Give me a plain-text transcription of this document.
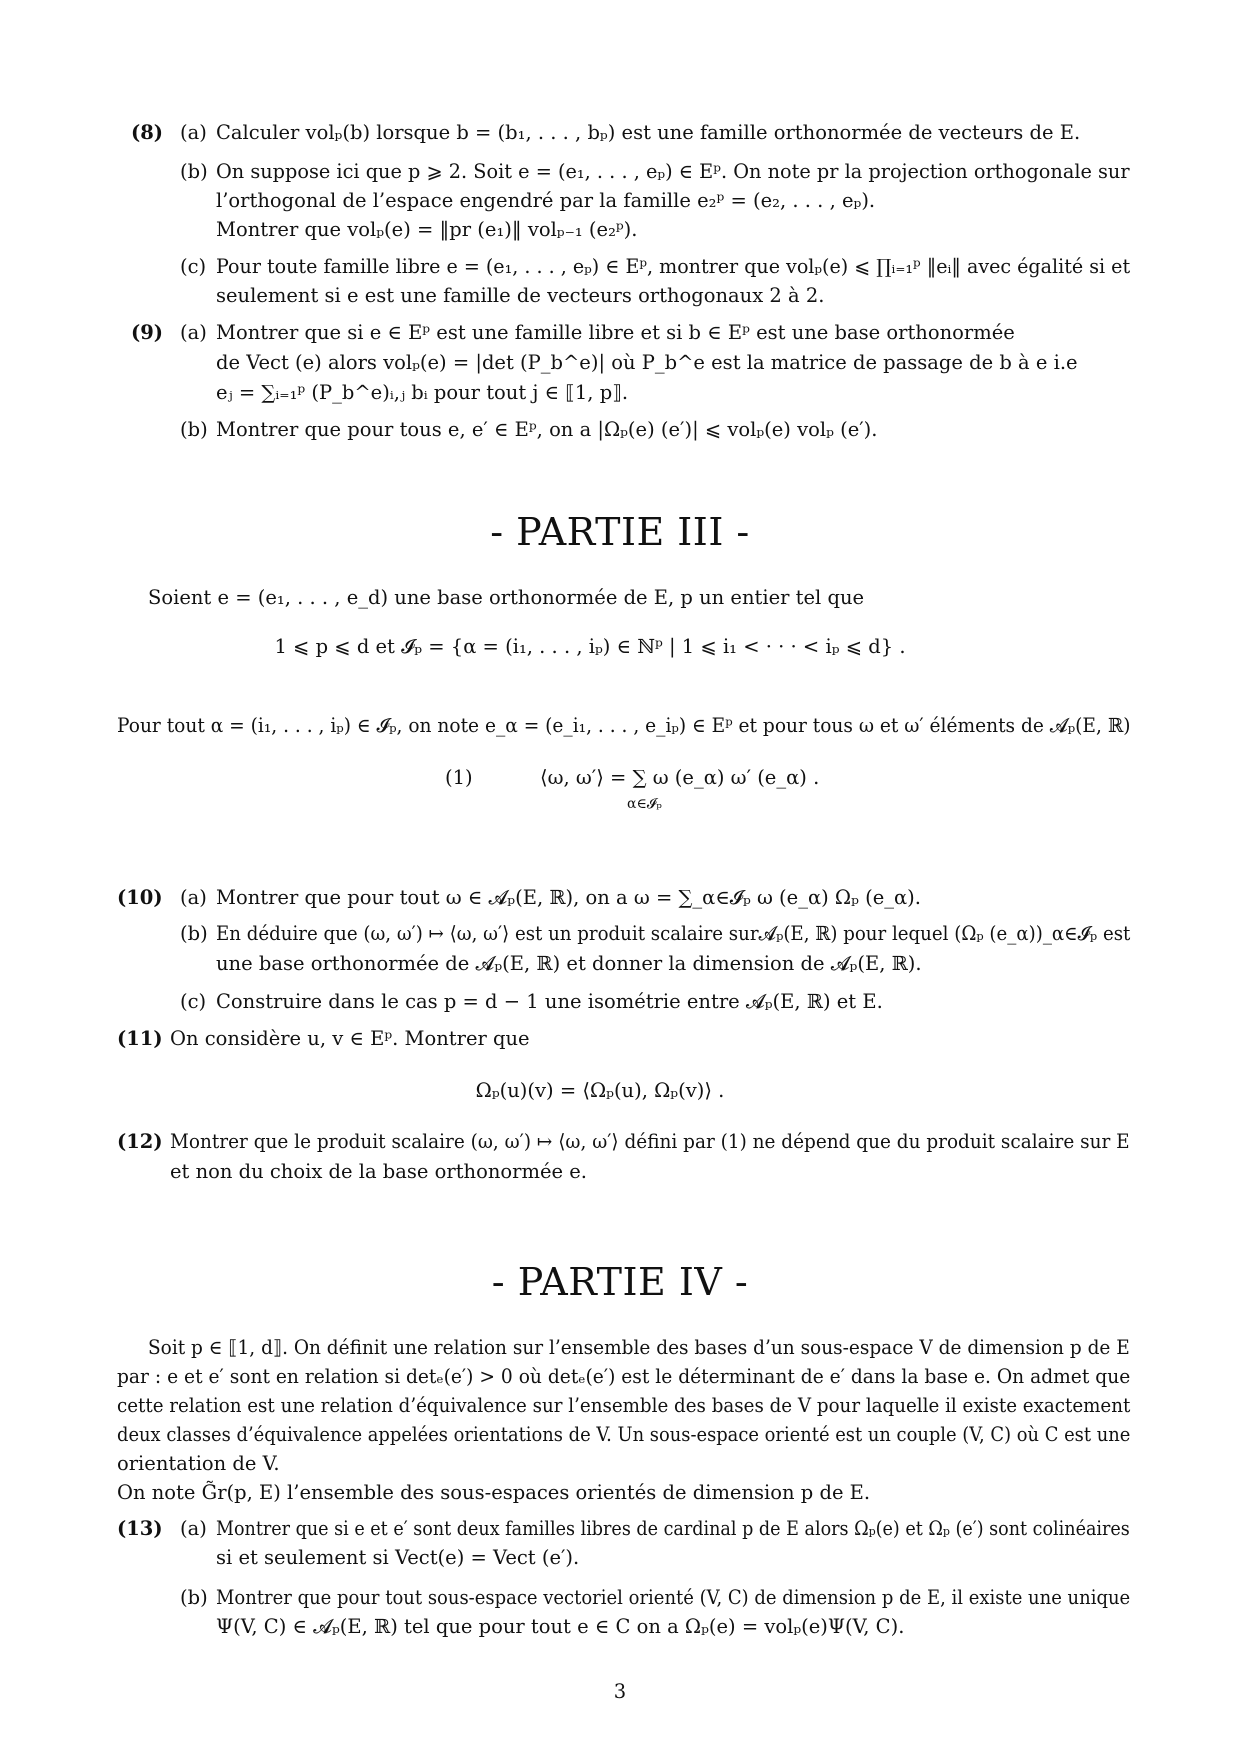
(8) (a) Calculer volₚ(b) lorsque b = (b₁, . . . , bₚ) est une famille orthonormée de vecteurs de E.
(b) On suppose ici que p ⩾ 2. Soit e = (e₁, . . . , eₚ) ∈ Eᵖ. On note pr la projection orthogonale sur
l’orthogonal de l’espace engendré par la famille e₂ᵖ = (e₂, . . . , eₚ).
Montrer que volₚ(e) = ‖pr (e₁)‖ volₚ₋₁ (e₂ᵖ).
(c) Pour toute famille libre e = (e₁, . . . , eₚ) ∈ Eᵖ, montrer que volₚ(e) ⩽ ∏ᵢ₌₁ᵖ ‖eᵢ‖ avec égalité si et
seulement si e est une famille de vecteurs orthogonaux 2 à 2.
(9) (a) Montrer que si e ∈ Eᵖ est une famille libre et si b ∈ Eᵖ est une base orthonormée
de Vect (e) alors volₚ(e) = |det (P_b^e)| où P_b^e est la matrice de passage de b à e i.e
eⱼ = ∑ᵢ₌₁ᵖ (P_b^e)ᵢ,ⱼ bᵢ pour tout j ∈ ⟦1, p⟧.
(b) Montrer que pour tous e, e′ ∈ Eᵖ, on a |Ωₚ(e) (e′)| ⩽ volₚ(e) volₚ (e′).
- PARTIE III -
Soient e = (e₁, . . . , e_d) une base orthonormée de E, p un entier tel que
1 ⩽ p ⩽ d et 𝓘ₚ = {α = (i₁, . . . , iₚ) ∈ ℕᵖ | 1 ⩽ i₁ < · · · < iₚ ⩽ d} .
Pour tout α = (i₁, . . . , iₚ) ∈ 𝓘ₚ, on note e_α = (e_i₁, . . . , e_iₚ) ∈ Eᵖ et pour tous ω et ω′ éléments de 𝓐ₚ(E, ℝ)
(1)	⟨ω, ω′⟩ = ∑ ω (e_α) ω′ (e_α) .
α∈𝓘ₚ
(10) (a) Montrer que pour tout ω ∈ 𝓐ₚ(E, ℝ), on a ω = ∑_α∈𝓘ₚ ω (e_α) Ωₚ (e_α).
(b) En déduire que (ω, ω′) ↦ ⟨ω, ω′⟩ est un produit scalaire sur𝓐ₚ(E, ℝ) pour lequel (Ωₚ (e_α))_α∈𝓘ₚ est
une base orthonormée de 𝓐ₚ(E, ℝ) et donner la dimension de 𝓐ₚ(E, ℝ).
(c) Construire dans le cas p = d − 1 une isométrie entre 𝓐ₚ(E, ℝ) et E.
(11) On considère u, v ∈ Eᵖ. Montrer que
Ωₚ(u)(v) = ⟨Ωₚ(u), Ωₚ(v)⟩ .
(12) Montrer que le produit scalaire (ω, ω′) ↦ ⟨ω, ω′⟩ défini par (1) ne dépend que du produit scalaire sur E
et non du choix de la base orthonormée e.
- PARTIE IV -
Soit p ∈ ⟦1, d⟧. On définit une relation sur l’ensemble des bases d’un sous-espace V de dimension p de E
par : e et e′ sont en relation si detₑ(e′) > 0 où detₑ(e′) est le déterminant de e′ dans la base e. On admet que
cette relation est une relation d’équivalence sur l’ensemble des bases de V pour laquelle il existe exactement
deux classes d’équivalence appelées orientations de V. Un sous-espace orienté est un couple (V, C) où C est une
orientation de V.
On note G̃r(p, E) l’ensemble des sous-espaces orientés de dimension p de E.
(13) (a) Montrer que si e et e′ sont deux familles libres de cardinal p de E alors Ωₚ(e) et Ωₚ (e′) sont colinéaires
si et seulement si Vect(e) = Vect (e′).
(b) Montrer que pour tout sous-espace vectoriel orienté (V, C) de dimension p de E, il existe une unique
Ψ(V, C) ∈ 𝓐ₚ(E, ℝ) tel que pour tout e ∈ C on a Ωₚ(e) = volₚ(e)Ψ(V, C).
3
